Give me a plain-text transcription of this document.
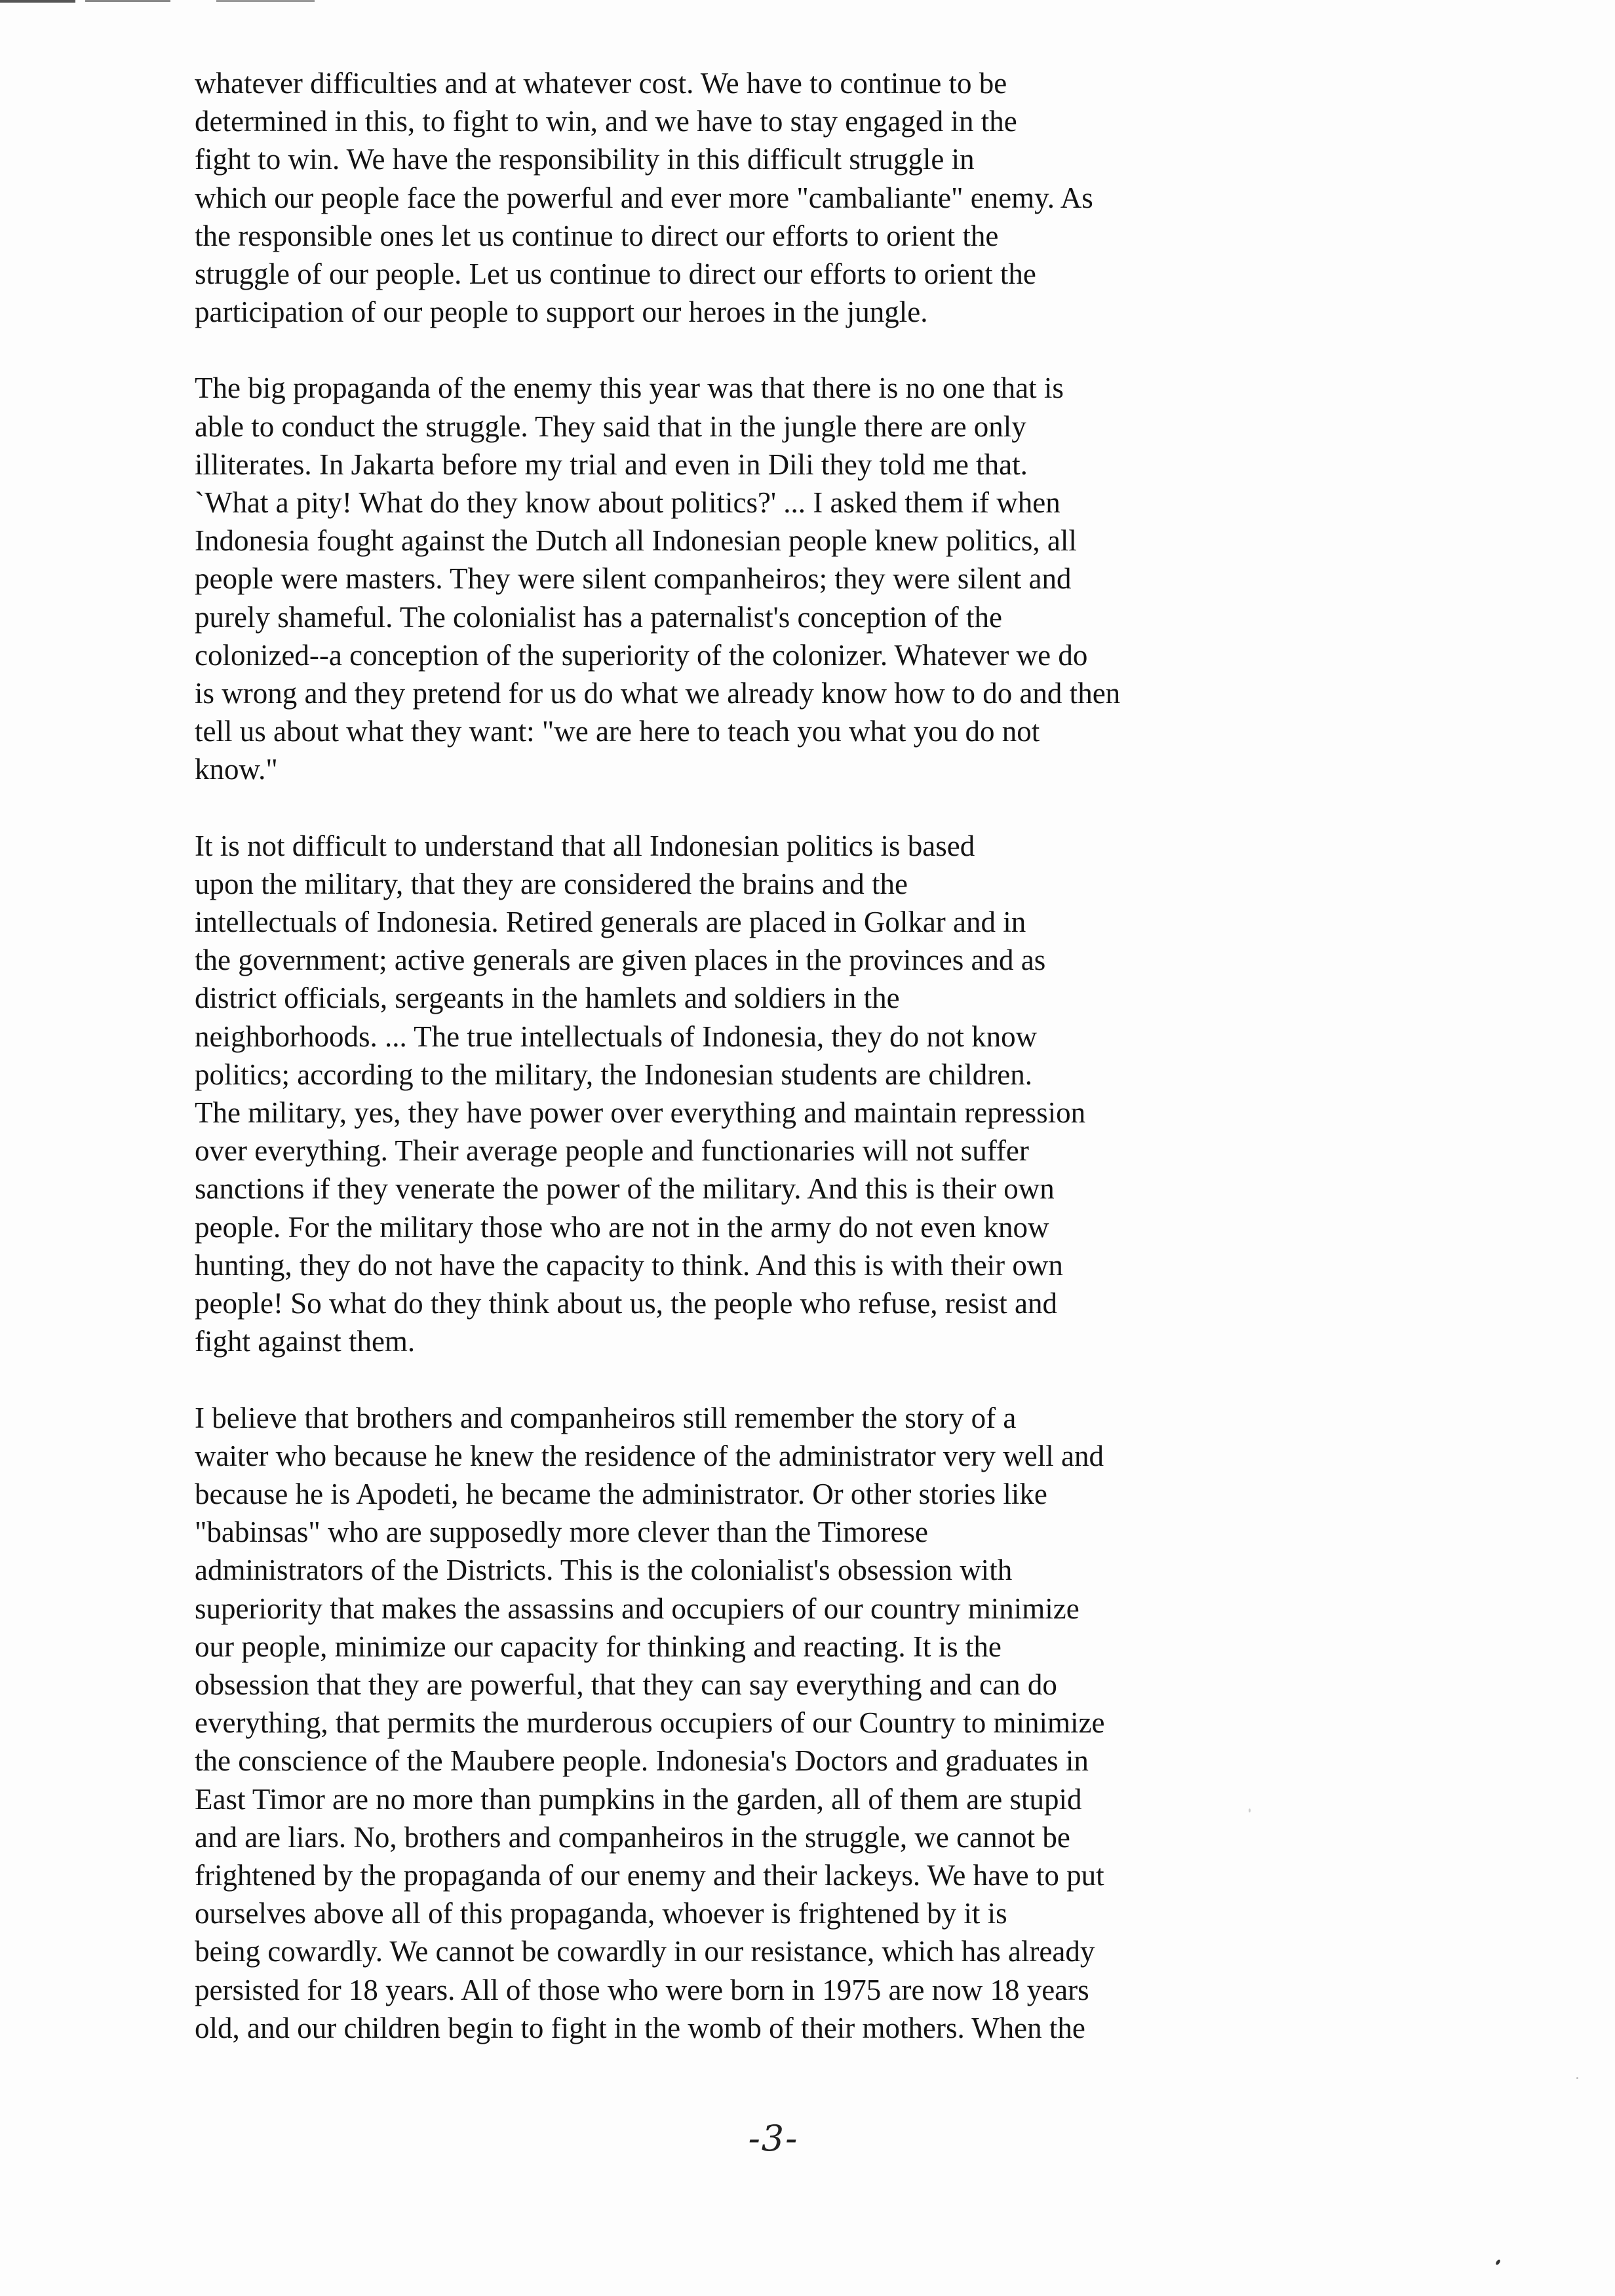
whatever difficulties and at whatever cost. We have to continue to be
determined in this, to fight to win, and we have to stay engaged in the
fight to win. We have the responsibility in this difficult struggle in
which our people face the powerful and ever more "cambaliante" enemy. As
the responsible ones let us continue to direct our efforts to orient the
struggle of our people. Let us continue to direct our efforts to orient the
participation of our people to support our heroes in the jungle.

The big propaganda of the enemy this year was that there is no one that is
able to conduct the struggle. They said that in the jungle there are only
illiterates. In Jakarta before my trial and even in Dili they told me that.
`What a pity! What do they know about politics?' ... I asked them if when
Indonesia fought against the Dutch all Indonesian people knew politics, all
people were masters. They were silent companheiros; they were silent and
purely shameful. The colonialist has a paternalist's conception of the
colonized--a conception of the superiority of the colonizer. Whatever we do
is wrong and they pretend for us do what we already know how to do and then
tell us about what they want: "we are here to teach you what you do not
know."

It is not difficult to understand that all Indonesian politics is based
upon the military, that they are considered the brains and the
intellectuals of Indonesia. Retired generals are placed in Golkar and in
the government; active generals are given places in the provinces and as
district officials, sergeants in the hamlets and soldiers in the
neighborhoods. ... The true intellectuals of Indonesia, they do not know
politics; according to the military, the Indonesian students are children.
The military, yes, they have power over everything and maintain repression
over everything. Their average people and functionaries will not suffer
sanctions if they venerate the power of the military. And this is their own
people. For the military those who are not in the army do not even know
hunting, they do not have the capacity to think. And this is with their own
people! So what do they think about us, the people who refuse, resist and
fight against them.

I believe that brothers and companheiros still remember the story of a
waiter who because he knew the residence of the administrator very well and
because he is Apodeti, he became the administrator. Or other stories like
"babinsas" who are supposedly more clever than the Timorese
administrators of the Districts. This is the colonialist's obsession with
superiority that makes the assassins and occupiers of our country minimize
our people, minimize our capacity for thinking and reacting. It is the
obsession that they are powerful, that they can say everything and can do
everything, that permits the murderous occupiers of our Country to minimize
the conscience of the Maubere people. Indonesia's Doctors and graduates in
East Timor are no more than pumpkins in the garden, all of them are stupid
and are liars. No, brothers and companheiros in the struggle, we cannot be
frightened by the propaganda of our enemy and their lackeys. We have to put
ourselves above all of this propaganda, whoever is frightened by it is
being cowardly. We cannot be cowardly in our resistance, which has already
persisted for 18 years. All of those who were born in 1975 are now 18 years
old, and our children begin to fight in the womb of their mothers. When the

-3-
